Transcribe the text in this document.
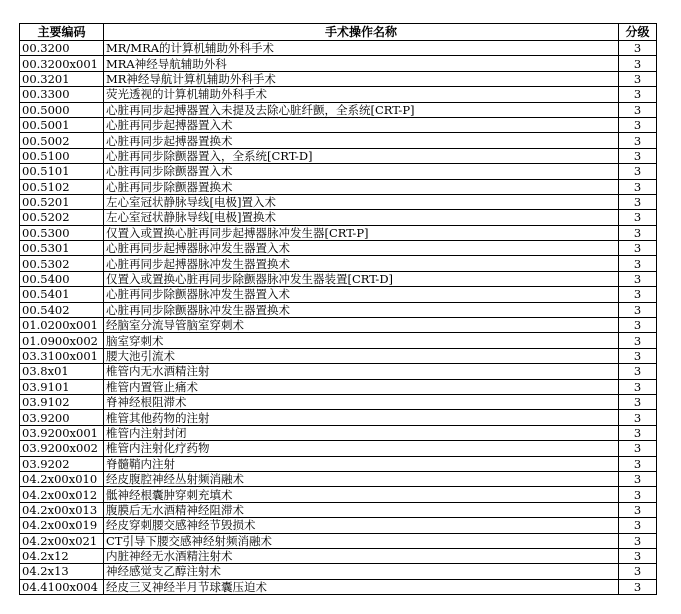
主要编码	手术操作名称	分级
00.3200	MR/MRA的计算机辅助外科手术	3
00.3200x001	MRA神经导航辅助外科	3
00.3201	MR神经导航计算机辅助外科手术	3
00.3300	荧光透视的计算机辅助外科手术	3
00.5000	心脏再同步起搏器置入未提及去除心脏纤颤，全系统[CRT-P]	3
00.5001	心脏再同步起搏器置入术	3
00.5002	心脏再同步起搏器置换术	3
00.5100	心脏再同步除颤器置入，全系统[CRT-D]	3
00.5101	心脏再同步除颤器置入术	3
00.5102	心脏再同步除颤器置换术	3
00.5201	左心室冠状静脉导线[电极]置入术	3
00.5202	左心室冠状静脉导线[电极]置换术	3
00.5300	仅置入或置换心脏再同步起搏器脉冲发生器[CRT-P]	3
00.5301	心脏再同步起搏器脉冲发生器置入术	3
00.5302	心脏再同步起搏器脉冲发生器置换术	3
00.5400	仅置入或置换心脏再同步除颤器脉冲发生器装置[CRT-D]	3
00.5401	心脏再同步除颤器脉冲发生器置入术	3
00.5402	心脏再同步除颤器脉冲发生器置换术	3
01.0200x001	经脑室分流导管脑室穿刺术	3
01.0900x002	脑室穿刺术	3
03.3100x001	腰大池引流术	3
03.8x01	椎管内无水酒精注射	3
03.9101	椎管内置管止痛术	3
03.9102	脊神经根阻滞术	3
03.9200	椎管其他药物的注射	3
03.9200x001	椎管内注射封闭	3
03.9200x002	椎管内注射化疗药物	3
03.9202	脊髓鞘内注射	3
04.2x00x010	经皮腹腔神经丛射频消融术	3
04.2x00x012	骶神经根囊肿穿刺充填术	3
04.2x00x013	腹膜后无水酒精神经阻滞术	3
04.2x00x019	经皮穿刺腰交感神经节毁损术	3
04.2x00x021	CT引导下腰交感神经射频消融术	3
04.2x12	内脏神经无水酒精注射术	3
04.2x13	神经感觉支乙醇注射术	3
04.4100x004	经皮三叉神经半月节球囊压迫术	3
